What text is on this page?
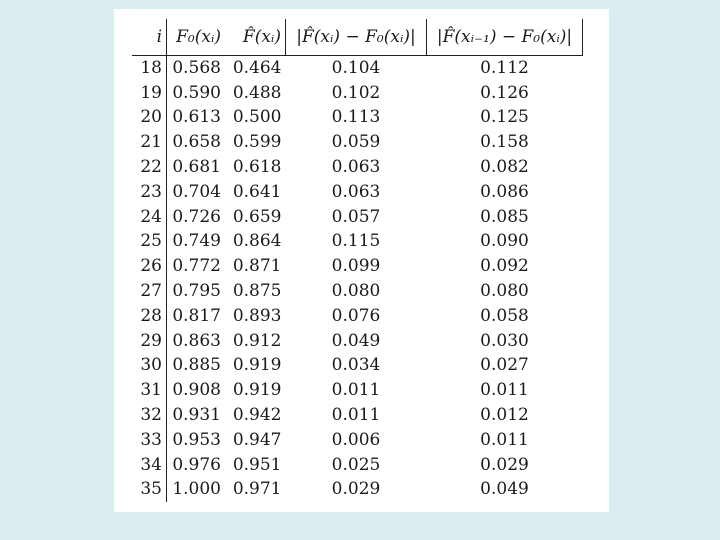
i	F₀(xᵢ)	F̂(xᵢ)	|F̂(xᵢ) − F₀(xᵢ)|	|F̂(xᵢ₋₁) − F₀(xᵢ)|
18	0.568	0.464	0.104	0.112
19	0.590	0.488	0.102	0.126
20	0.613	0.500	0.113	0.125
21	0.658	0.599	0.059	0.158
22	0.681	0.618	0.063	0.082
23	0.704	0.641	0.063	0.086
24	0.726	0.659	0.057	0.085
25	0.749	0.864	0.115	0.090
26	0.772	0.871	0.099	0.092
27	0.795	0.875	0.080	0.080
28	0.817	0.893	0.076	0.058
29	0.863	0.912	0.049	0.030
30	0.885	0.919	0.034	0.027
31	0.908	0.919	0.011	0.011
32	0.931	0.942	0.011	0.012
33	0.953	0.947	0.006	0.011
34	0.976	0.951	0.025	0.029
35	1.000	0.971	0.029	0.049
